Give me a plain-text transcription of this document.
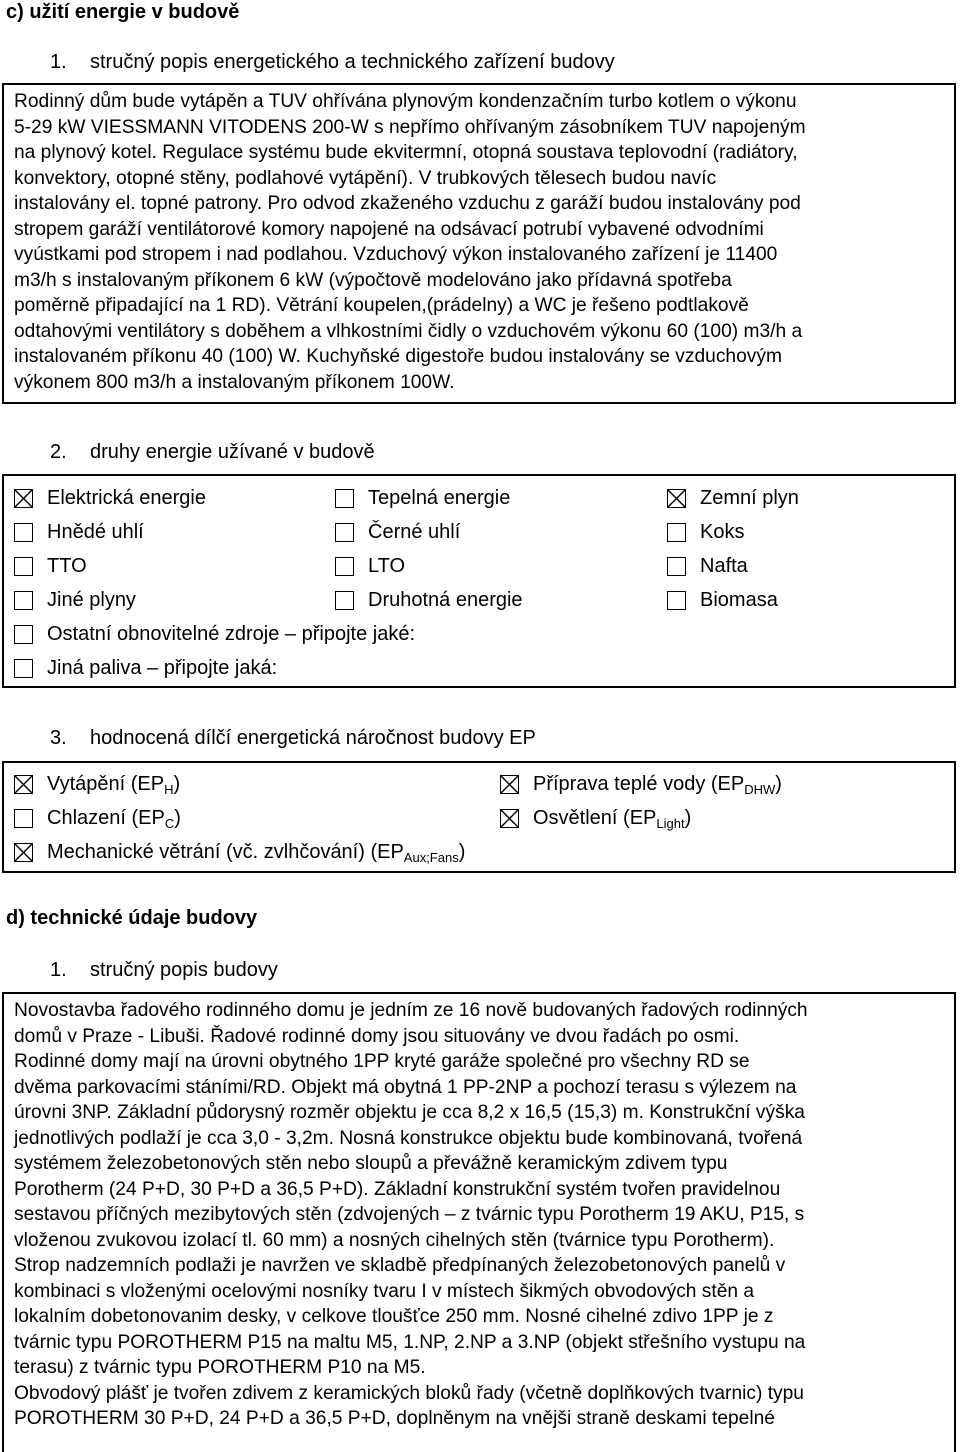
c) užití energie v budově
1. stručný popis energetického a technického zařízení budovy
Rodinný dům bude vytápěn a TUV ohřívána plynovým kondenzačním turbo kotlem o výkonu
5-29 kW VIESSMANN VITODENS 200-W s nepřímo ohřívaným zásobníkem TUV napojeným
na plynový kotel. Regulace systému bude ekvitermní, otopná soustava teplovodní (radiátory,
konvektory, otopné stěny, podlahové vytápění). V trubkových tělesech budou navíc
instalovány el. topné patrony. Pro odvod zkaženého vzduchu z garáží budou instalovány pod
stropem garáží ventilátorové komory napojené na odsávací potrubí vybavené odvodními
vyústkami pod stropem i nad podlahou. Vzduchový výkon instalovaného zařízení je 11400
m3/h s instalovaným příkonem 6 kW (výpočtově modelováno jako přídavná spotřeba
poměrně připadající na 1 RD). Větrání koupelen,(prádelny) a WC je řešeno podtlakově
odtahovými ventilátory s doběhem a vlhkostními čidly o vzduchovém výkonu 60 (100) m3/h a
instalovaném příkonu 40 (100) W. Kuchyňské digestoře budou instalovány se vzduchovým
výkonem 800 m3/h a instalovaným příkonem 100W.
2. druhy energie užívané v budově
Elektrická energie	Tepelná energie	Zemní plyn
Hnědé uhlí	Černé uhlí	Koks
TTO	LTO	Nafta
Jiné plyny	Druhotná energie	Biomasa
Ostatní obnovitelné zdroje – připojte jaké:
Jiná paliva – připojte jaká:
3. hodnocená dílčí energetická náročnost budovy EP
Vytápění $(EP_H)$	Příprava teplé vody $(EP_{DHW})$
Chlazení $(EP_C)$	Osvětlení $(EP_{Light})$
Mechanické větrání (vč. zvlhčování) $(EP_{Aux;Fans})$
d) technické údaje budovy
1. stručný popis budovy
Novostavba řadového rodinného domu je jedním ze 16 nově budovaných řadových rodinných
domů v Praze - Libuši. Řadové rodinné domy jsou situovány ve dvou řadách po osmi.
Rodinné domy mají na úrovni obytného 1PP kryté garáže společné pro všechny RD se
dvěma parkovacími stáními/RD. Objekt má obytná 1 PP-2NP a pochozí terasu s výlezem na
úrovni 3NP. Základní půdorysný rozměr objektu je cca 8,2 x 16,5 (15,3) m. Konstrukční výška
jednotlivých podlaží je cca 3,0 - 3,2m. Nosná konstrukce objektu bude kombinovaná, tvořená
systémem železobetonových stěn nebo sloupů a převážně keramickým zdivem typu
Porotherm (24 P+D, 30 P+D a 36,5 P+D). Základní konstrukční systém tvořen pravidelnou
sestavou příčných mezibytových stěn (zdvojených – z tvárnic typu Porotherm 19 AKU, P15, s
vloženou zvukovou izolací tl. 60 mm) a nosných cihelných stěn (tvárnice typu Porotherm).
Strop nadzemních podlaži je navržen ve skladbě předpínaných železobetonových panelů v
kombinaci s vloženými ocelovými nosníky tvaru I v místech šikmých obvodových stěn a
lokalním dobetonovanim desky, v celkove tloušťce 250 mm. Nosné cihelné zdivo 1PP je z
tvárnic typu POROTHERM P15 na maltu M5, 1.NP, 2.NP a 3.NP (objekt střešního vystupu na
terasu) z tvárnic typu POROTHERM P10 na M5.
Obvodový plášť je tvořen zdivem z keramických bloků řady (včetně doplňkových tvarnic) typu
POROTHERM 30 P+D, 24 P+D a 36,5 P+D, doplněnym na vnějši straně deskami tepelné
